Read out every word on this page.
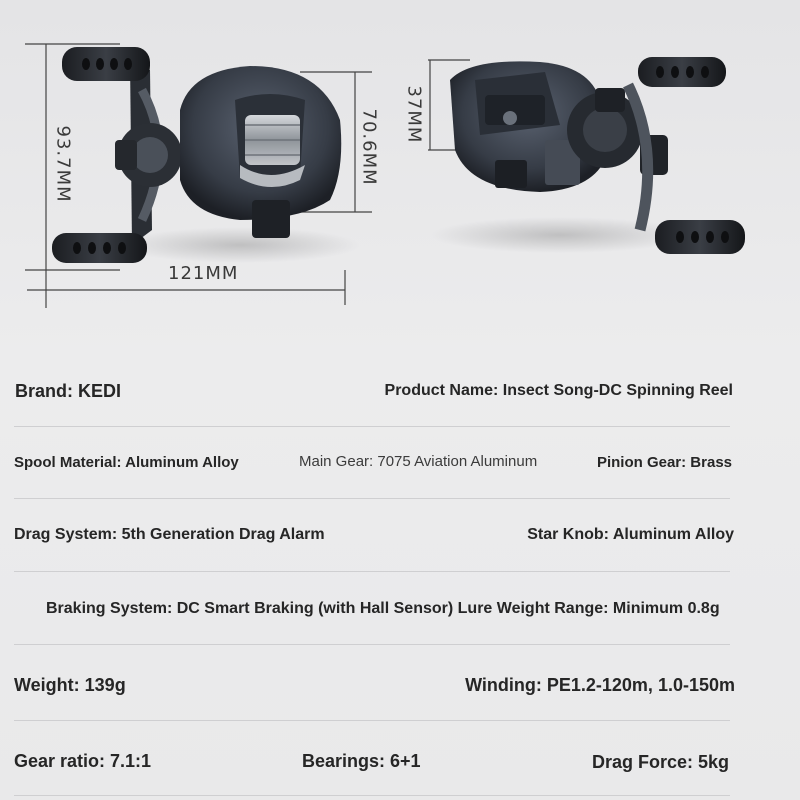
93.7MM
121MM
70.6MM 37MM
Brand: KEDI	Product Name: Insect Song-DC Spinning Reel
Spool Material: Aluminum Alloy	Main Gear: 7075 Aviation Aluminum	Pinion Gear: Brass
Drag System: 5th Generation Drag Alarm	Star Knob: Aluminum Alloy
Braking System: DC Smart Braking (with Hall Sensor) Lure Weight Range: Minimum 0.8g
Weight: 139g	Winding: PE1.2-120m, 1.0-150m
Gear ratio: 7.1:1	Bearings: 6+1	Drag Force: 5kg
